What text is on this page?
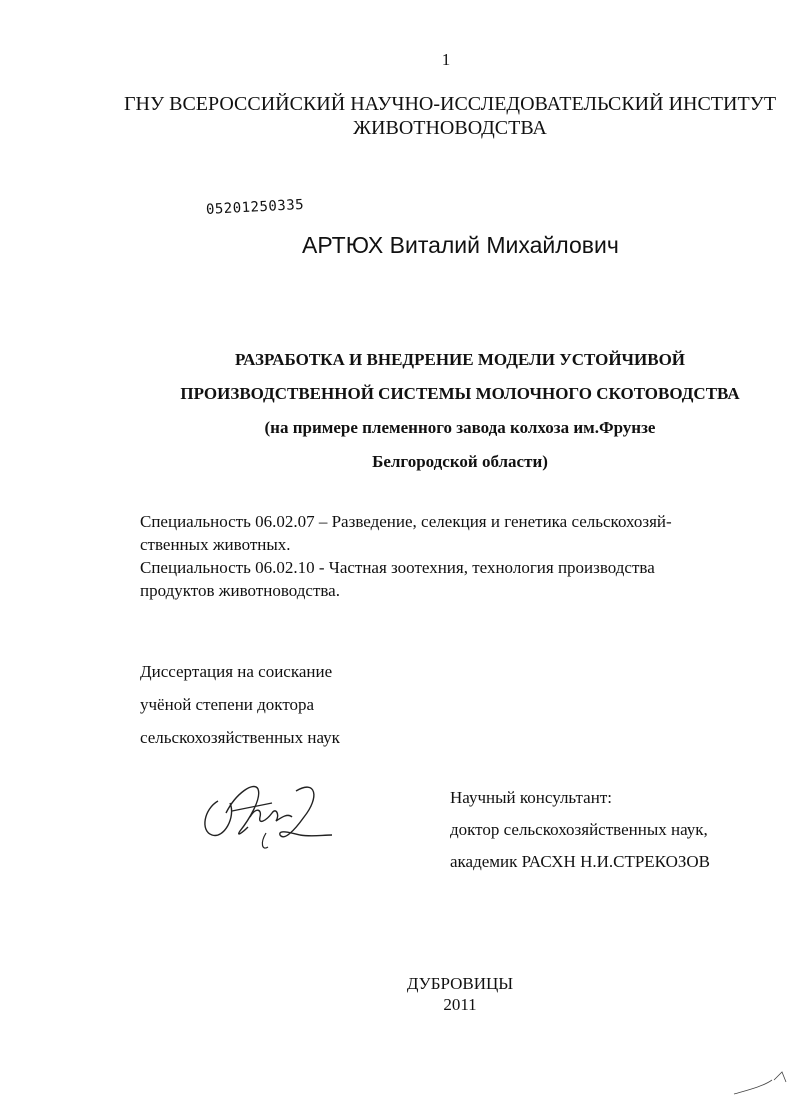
1
ГНУ ВСЕРОССИЙСКИЙ НАУЧНО-ИССЛЕДОВАТЕЛЬСКИЙ ИНСТИТУТ
ЖИВОТНОВОДСТВА
05201250335
АРТЮХ Виталий Михайлович
РАЗРАБОТКА И ВНЕДРЕНИЕ МОДЕЛИ УСТОЙЧИВОЙ
ПРОИЗВОДСТВЕННОЙ СИСТЕМЫ МОЛОЧНОГО СКОТОВОДСТВА
(на примере племенного завода колхоза им.Фрунзе
Белгородской области)
Специальность 06.02.07 – Разведение, селекция и генетика сельскохозяй-
ственных животных.
Специальность 06.02.10 - Частная зоотехния, технология производства
продуктов животноводства.
Диссертация на соискание
учёной степени доктора
сельскохозяйственных наук
Научный консультант:
доктор сельскохозяйственных наук,
академик РАСХН Н.И.СТРЕКОЗОВ
ДУБРОВИЦЫ
2011
